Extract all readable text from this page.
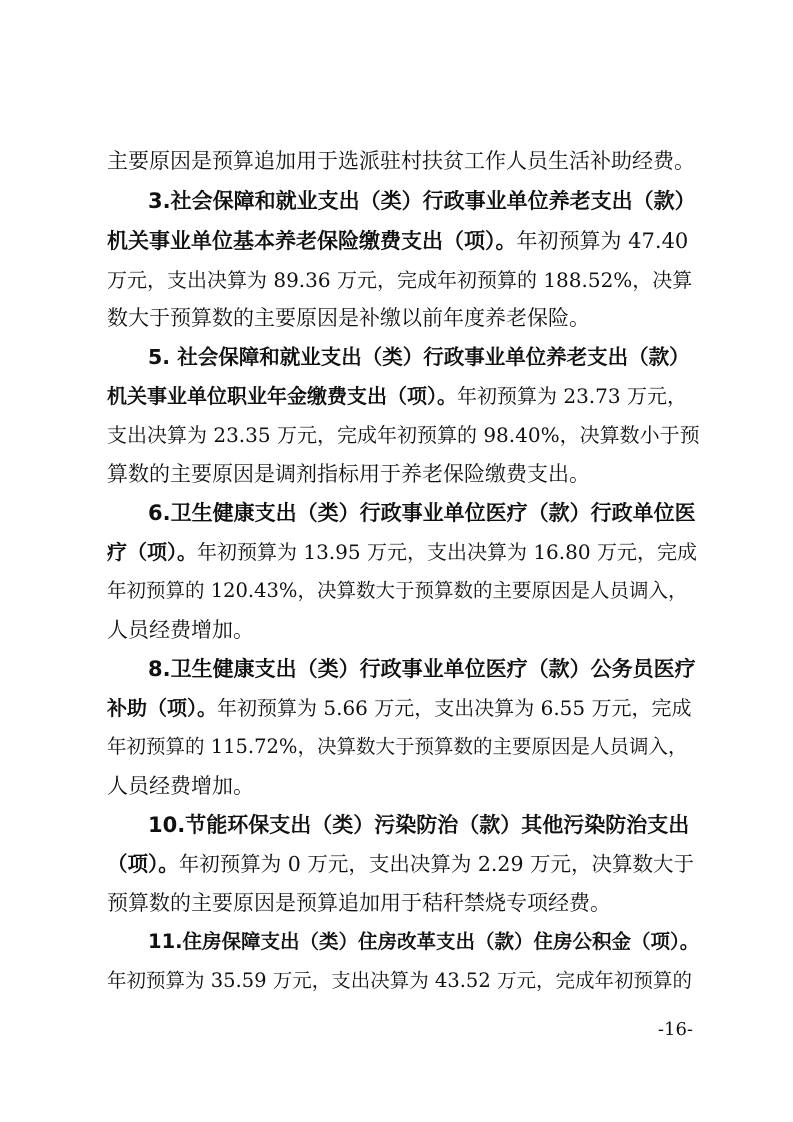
主要原因是预算追加用于选派驻村扶贫工作人员生活补助经费。
3.社会保障和就业支出（类）行政事业单位养老支出（款）
机关事业单位基本养老保险缴费支出（项）。年初预算为 47.40
万元，支出决算为 89.36 万元，完成年初预算的 188.52%，决算
数大于预算数的主要原因是补缴以前年度养老保险。
5. 社会保障和就业支出（类）行政事业单位养老支出（款）
机关事业单位职业年金缴费支出（项）。年初预算为 23.73 万元，
支出决算为 23.35 万元，完成年初预算的 98.40%，决算数小于预
算数的主要原因是调剂指标用于养老保险缴费支出。
6.卫生健康支出（类）行政事业单位医疗（款）行政单位医
疗（项）。年初预算为 13.95 万元，支出决算为 16.80 万元，完成
年初预算的 120.43%，决算数大于预算数的主要原因是人员调入，
人员经费增加。
8.卫生健康支出（类）行政事业单位医疗（款）公务员医疗
补助（项）。年初预算为 5.66 万元，支出决算为 6.55 万元，完成
年初预算的 115.72%，决算数大于预算数的主要原因是人员调入，
人员经费增加。
10.节能环保支出（类）污染防治（款）其他污染防治支出
（项）。年初预算为 0 万元，支出决算为 2.29 万元，决算数大于
预算数的主要原因是预算追加用于秸秆禁烧专项经费。
11.住房保障支出（类）住房改革支出（款）住房公积金（项）。
年初预算为 35.59 万元，支出决算为 43.52 万元，完成年初预算的
-16-
